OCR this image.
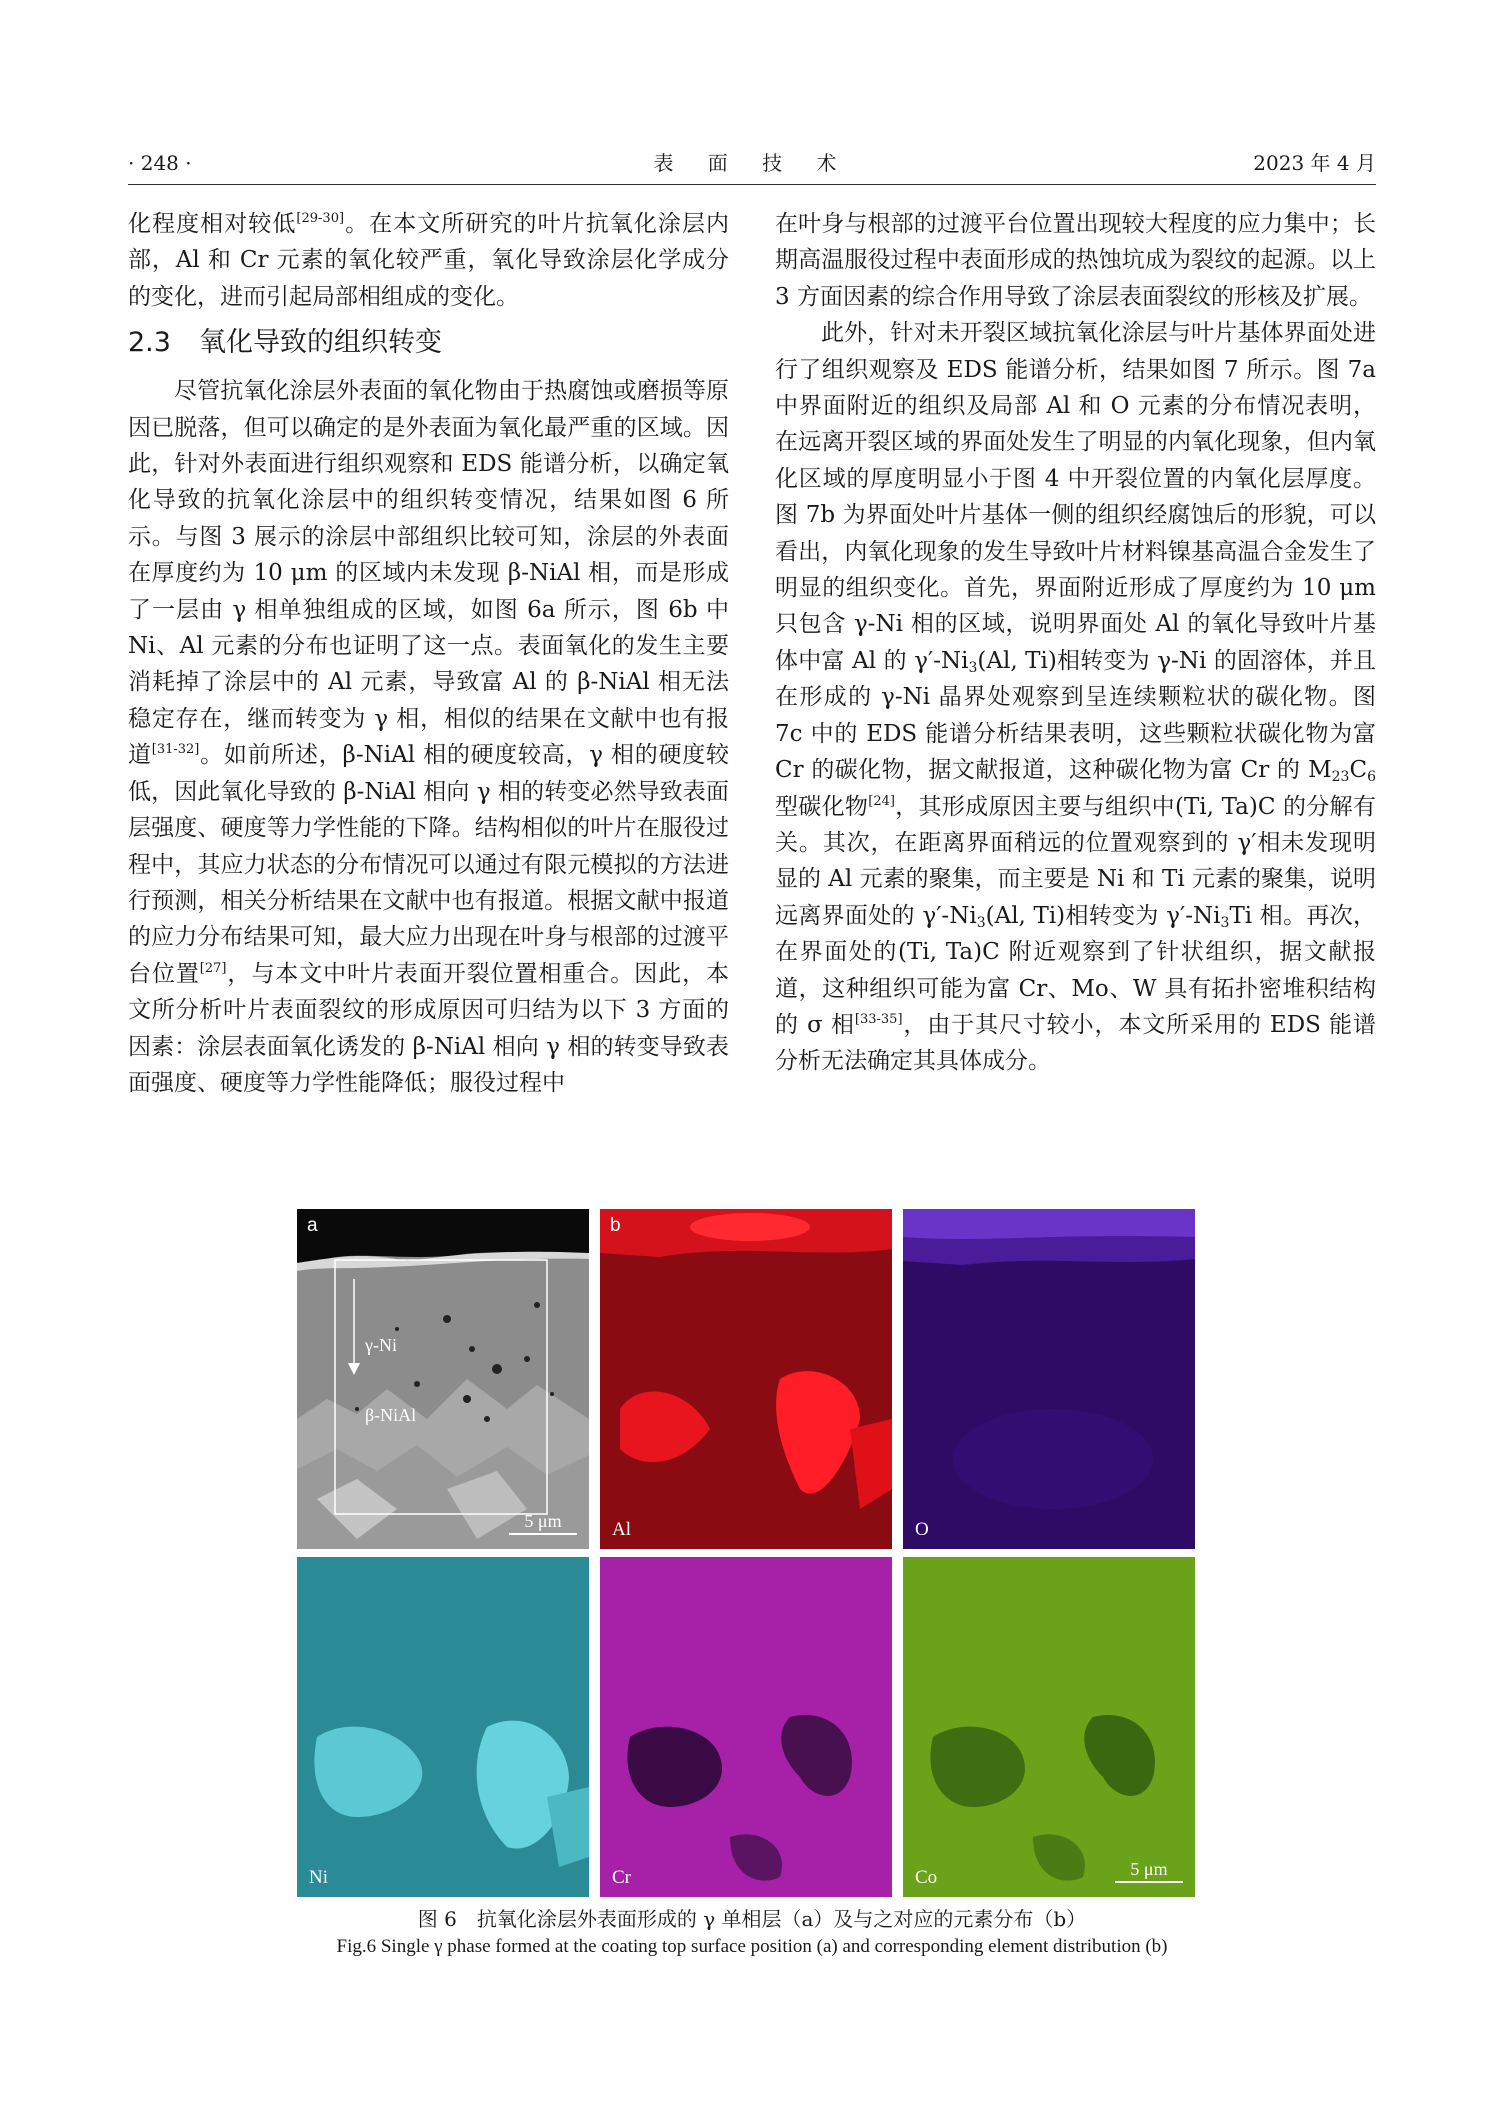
· 248 ·	表 面 技 术	2023 年 4 月

化程度相对较低[29-30]。在本文所研究的叶片抗氧化涂层内部，Al 和 Cr 元素的氧化较严重，氧化导致涂层化学成分的变化，进而引起局部相组成的变化。

2.3 氧化导致的组织转变

尽管抗氧化涂层外表面的氧化物由于热腐蚀或磨损等原因已脱落，但可以确定的是外表面为氧化最严重的区域。因此，针对外表面进行组织观察和 EDS 能谱分析，以确定氧化导致的抗氧化涂层中的组织转变情况，结果如图 6 所示。与图 3 展示的涂层中部组织比较可知，涂层的外表面在厚度约为 10 μm 的区域内未发现 β-NiAl 相，而是形成了一层由 γ 相单独组成的区域，如图 6a 所示，图 6b 中 Ni、Al 元素的分布也证明了这一点。表面氧化的发生主要消耗掉了涂层中的 Al 元素，导致富 Al 的 β-NiAl 相无法稳定存在，继而转变为 γ 相，相似的结果在文献中也有报道[31-32]。如前所述，β-NiAl 相的硬度较高，γ 相的硬度较低，因此氧化导致的 β-NiAl 相向 γ 相的转变必然导致表面层强度、硬度等力学性能的下降。结构相似的叶片在服役过程中，其应力状态的分布情况可以通过有限元模拟的方法进行预测，相关分析结果在文献中也有报道。根据文献中报道的应力分布结果可知，最大应力出现在叶身与根部的过渡平台位置[27]，与本文中叶片表面开裂位置相重合。因此，本文所分析叶片表面裂纹的形成原因可归结为以下 3 方面的因素：涂层表面氧化诱发的 β-NiAl 相向 γ 相的转变导致表面强度、硬度等力学性能降低；服役过程中

在叶身与根部的过渡平台位置出现较大程度的应力集中；长期高温服役过程中表面形成的热蚀坑成为裂纹的起源。以上 3 方面因素的综合作用导致了涂层表面裂纹的形核及扩展。

此外，针对未开裂区域抗氧化涂层与叶片基体界面处进行了组织观察及 EDS 能谱分析，结果如图 7 所示。图 7a 中界面附近的组织及局部 Al 和 O 元素的分布情况表明，在远离开裂区域的界面处发生了明显的内氧化现象，但内氧化区域的厚度明显小于图 4 中开裂位置的内氧化层厚度。图 7b 为界面处叶片基体一侧的组织经腐蚀后的形貌，可以看出，内氧化现象的发生导致叶片材料镍基高温合金发生了明显的组织变化。首先，界面附近形成了厚度约为 10 μm 只包含 γ-Ni 相的区域，说明界面处 Al 的氧化导致叶片基体中富 Al 的 $\gamma'-Ni_3(Al$, Ti)相转变为 γ-Ni 的固溶体，并且在形成的 γ-Ni 晶界处观察到呈连续颗粒状的碳化物。图 7c 中的 EDS 能谱分析结果表明，这些颗粒状碳化物为富 Cr 的碳化物，据文献报道，这种碳化物为富 Cr 的 $M_{23}C_6$ 型碳化物[24]，其形成原因主要与组织中(Ti, Ta)C 的分解有关。其次，在距离界面稍远的位置观察到的 γ′相未发现明显的 Al 元素的聚集，而主要是 Ni 和 Ti 元素的聚集，说明远离界面处的 $\gamma'-Ni_3(Al$, Ti)相转变为 $\gamma'-Ni_3Ti$ 相。再次，在界面处的(Ti, Ta)C 附近观察到了针状组织，据文献报道，这种组织可能为富 Cr、Mo、W 具有拓扑密堆积结构的 σ 相[33-35]，由于其尺寸较小，本文所采用的 EDS 能谱分析无法确定其具体成分。

a
γ-Ni
β-NiAl
5 μm
b
Al	O
Ni	Cr	Co	5 μm
图 6　抗氧化涂层外表面形成的 γ 单相层（a）及与之对应的元素分布（b）
Fig.6 Single γ phase formed at the coating top surface position (a) and corresponding element distribution (b)
